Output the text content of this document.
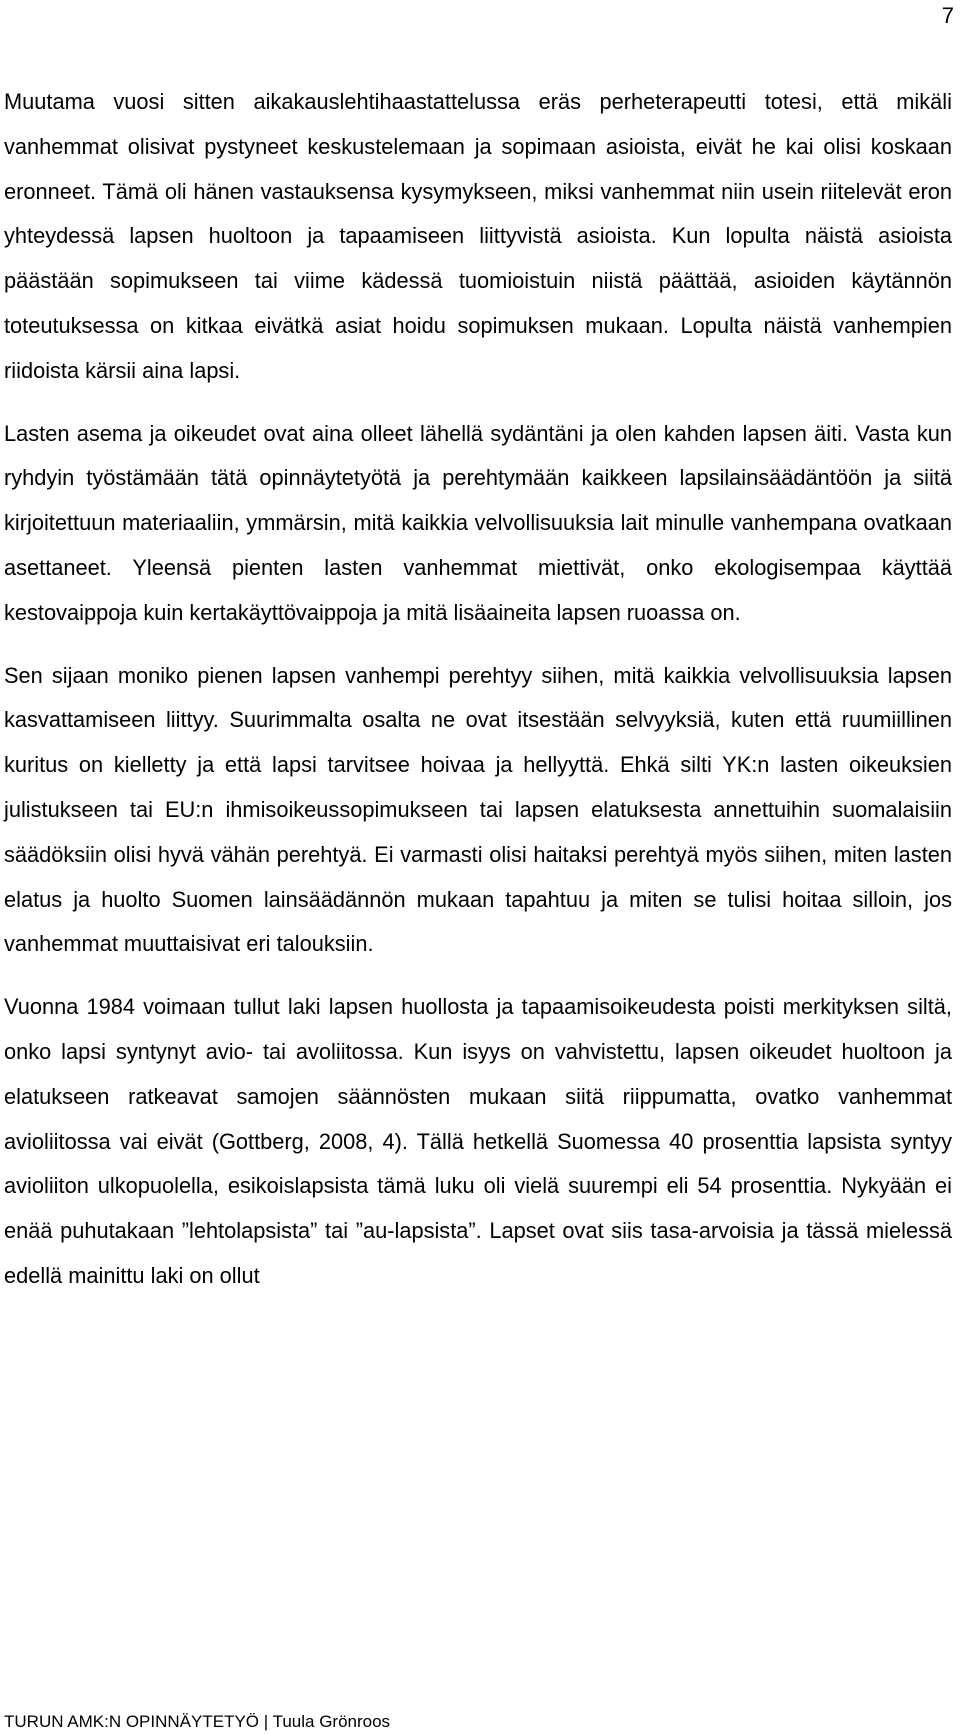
7

Muutama vuosi sitten aikakauslehtihaastattelussa eräs perheterapeutti totesi, että mikäli vanhemmat olisivat pystyneet keskustelemaan ja sopimaan asioista, eivät he kai olisi koskaan eronneet. Tämä oli hänen vastauksensa kysymykseen, miksi vanhemmat niin usein riitelevät eron yhteydessä lapsen huoltoon ja tapaamiseen liittyvistä asioista. Kun lopulta näistä asioista päästään sopimukseen tai viime kädessä tuomioistuin niistä päättää, asioiden käytännön toteutuksessa on kitkaa eivätkä asiat hoidu sopimuksen mukaan. Lopulta näistä vanhempien riidoista kärsii aina lapsi.

Lasten asema ja oikeudet ovat aina olleet lähellä sydäntäni ja olen kahden lapsen äiti. Vasta kun ryhdyin työstämään tätä opinnäytetyötä ja perehtymään kaikkeen lapsilainsäädäntöön ja siitä kirjoitettuun materiaaliin, ymmärsin, mitä kaikkia velvollisuuksia lait minulle vanhempana ovatkaan asettaneet. Yleensä pienten lasten vanhemmat miettivät, onko ekologisempaa käyttää kestovaippoja kuin kertakäyttövaippoja ja mitä lisäaineita lapsen ruoassa on.

Sen sijaan moniko pienen lapsen vanhempi perehtyy siihen, mitä kaikkia velvollisuuksia lapsen kasvattamiseen liittyy. Suurimmalta osalta ne ovat itsestään selvyyksiä, kuten että ruumiillinen kuritus on kielletty ja että lapsi tarvitsee hoivaa ja hellyyttä. Ehkä silti YK:n lasten oikeuksien julistukseen tai EU:n ihmisoikeussopimukseen tai lapsen elatuksesta annettuihin suomalaisiin säädöksiin olisi hyvä vähän perehtyä. Ei varmasti olisi haitaksi perehtyä myös siihen, miten lasten elatus ja huolto Suomen lainsäädännön mukaan tapahtuu ja miten se tulisi hoitaa silloin, jos vanhemmat muuttaisivat eri talouksiin.

Vuonna 1984 voimaan tullut laki lapsen huollosta ja tapaamisoikeudesta poisti merkityksen siltä, onko lapsi syntynyt avio- tai avoliitossa. Kun isyys on vahvistettu, lapsen oikeudet huoltoon ja elatukseen ratkeavat samojen säännösten mukaan siitä riippumatta, ovatko vanhemmat avioliitossa vai eivät (Gottberg, 2008, 4). Tällä hetkellä Suomessa 40 prosenttia lapsista syntyy avioliiton ulkopuolella, esikoislapsista tämä luku oli vielä suurempi eli 54 prosenttia. Nykyään ei enää puhutakaan ”lehtolapsista” tai ”au-lapsista”. Lapset ovat siis tasa-arvoisia ja tässä mielessä edellä mainittu laki on ollut

TURUN AMK:N OPINNÄYTETYÖ | Tuula Grönroos
